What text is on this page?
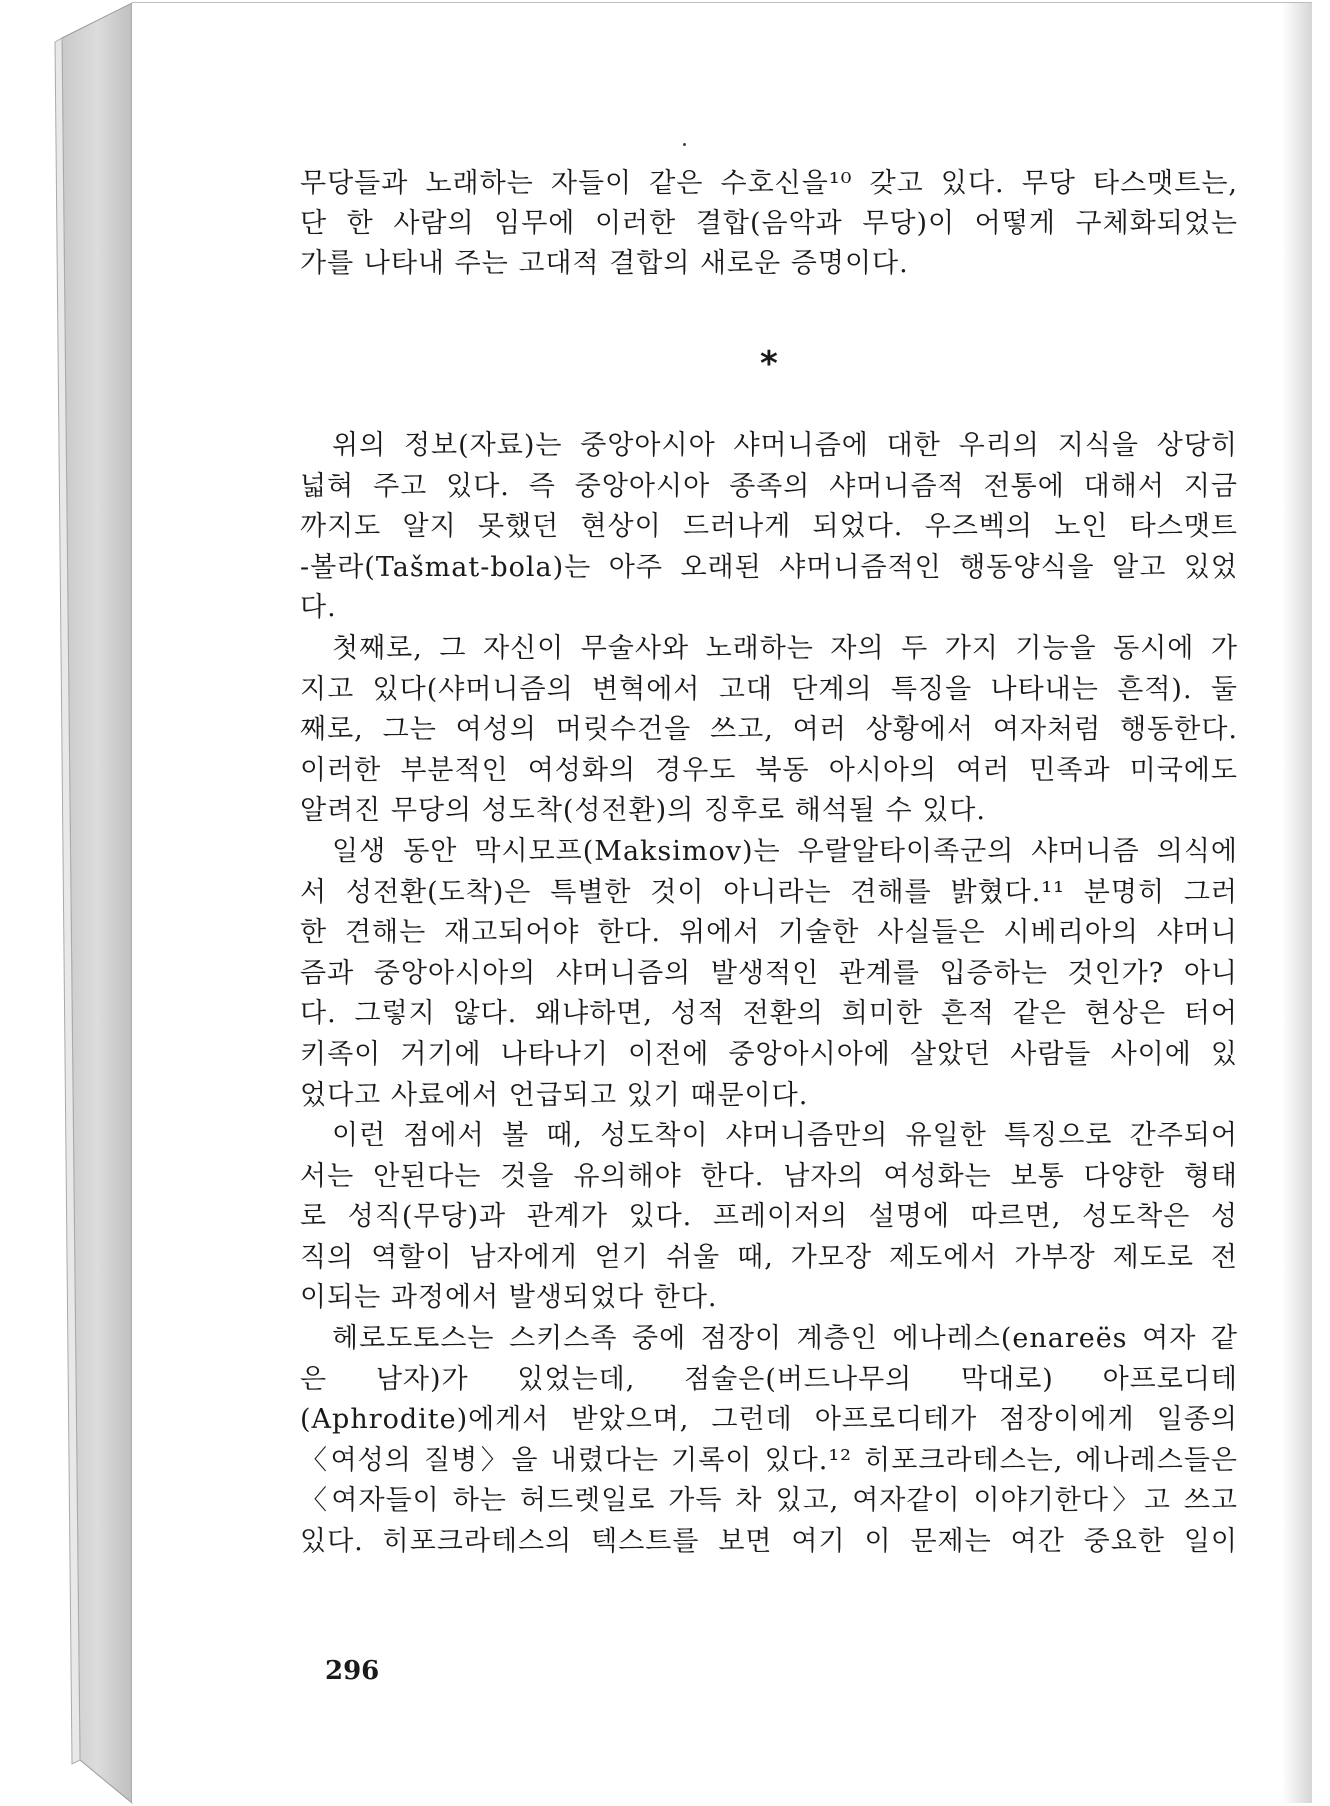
무당들과 노래하는 자들이 같은 수호신을¹⁰ 갖고 있다. 무당 타스맷트는,
단 한 사람의 임무에 이러한 결합(음악과 무당)이 어떻게 구체화되었는
가를 나타내 주는 고대적 결합의 새로운 증명이다.
*
위의 정보(자료)는 중앙아시아 샤머니즘에 대한 우리의 지식을 상당히
넓혀 주고 있다. 즉 중앙아시아 종족의 샤머니즘적 전통에 대해서 지금
까지도 알지 못했던 현상이 드러나게 되었다. 우즈벡의 노인 타스맷트
-볼라(Tašmat-bola)는 아주 오래된 샤머니즘적인 행동양식을 알고 있었
다.
첫째로, 그 자신이 무술사와 노래하는 자의 두 가지 기능을 동시에 가
지고 있다(샤머니즘의 변혁에서 고대 단계의 특징을 나타내는 흔적). 둘
째로, 그는 여성의 머릿수건을 쓰고, 여러 상황에서 여자처럼 행동한다.
이러한 부분적인 여성화의 경우도 북동 아시아의 여러 민족과 미국에도
알려진 무당의 성도착(성전환)의 징후로 해석될 수 있다.
일생 동안 막시모프(Maksimov)는 우랄알타이족군의 샤머니즘 의식에
서 성전환(도착)은 특별한 것이 아니라는 견해를 밝혔다.¹¹ 분명히 그러
한 견해는 재고되어야 한다. 위에서 기술한 사실들은 시베리아의 샤머니
즘과 중앙아시아의 샤머니즘의 발생적인 관계를 입증하는 것인가? 아니
다. 그렇지 않다. 왜냐하면, 성적 전환의 희미한 흔적 같은 현상은 터어
키족이 거기에 나타나기 이전에 중앙아시아에 살았던 사람들 사이에 있
었다고 사료에서 언급되고 있기 때문이다.
이런 점에서 볼 때, 성도착이 샤머니즘만의 유일한 특징으로 간주되어
서는 안된다는 것을 유의해야 한다. 남자의 여성화는 보통 다양한 형태
로 성직(무당)과 관계가 있다. 프레이저의 설명에 따르면, 성도착은 성
직의 역할이 남자에게 얻기 쉬울 때, 가모장 제도에서 가부장 제도로 전
이되는 과정에서 발생되었다 한다.
헤로도토스는 스키스족 중에 점장이 계층인 에나레스(enareës 여자 같
은 남자)가 있었는데, 점술은(버드나무의 막대로) 아프로디테
(Aphrodite)에게서 받았으며, 그런데 아프로디테가 점장이에게 일종의
〈여성의 질병〉을 내렸다는 기록이 있다.¹² 히포크라테스는, 에나레스들은
〈여자들이 하는 허드렛일로 가득 차 있고, 여자같이 이야기한다〉고 쓰고
있다. 히포크라테스의 텍스트를 보면 여기 이 문제는 여간 중요한 일이
296
